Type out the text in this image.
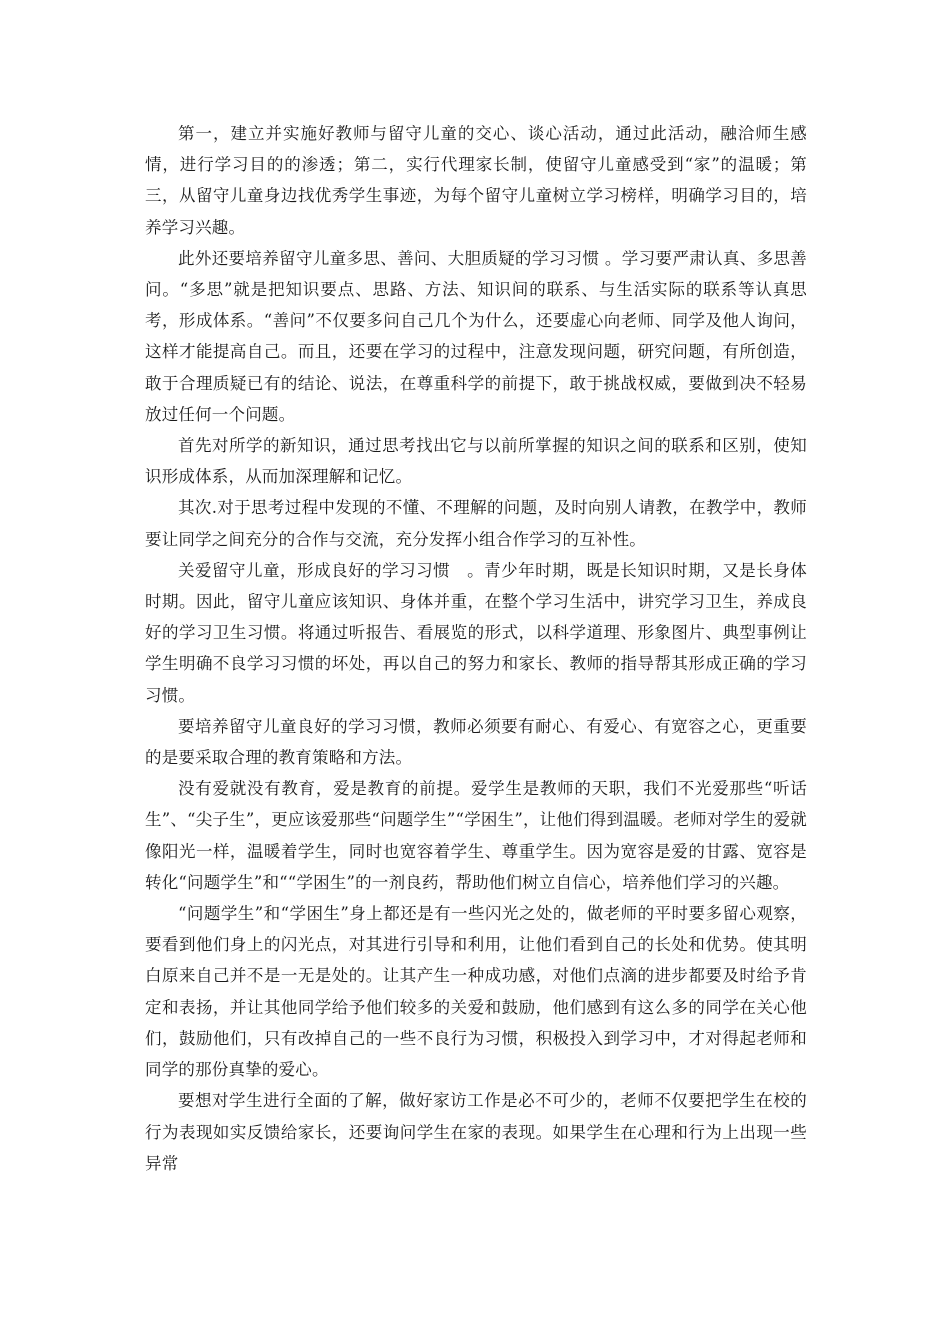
第一，建立并实施好教师与留守儿童的交心、谈心活动，通过此活动，融洽师生感情，进行学习目的的渗透；第二，实行代理家长制，使留守儿童感受到“家”的温暖；第三，从留守儿童身边找优秀学生事迹，为每个留守儿童树立学习榜样，明确学习目的，培养学习兴趣。

此外还要培养留守儿童多思、善问、大胆质疑的学习习惯 。学习要严肃认真、多思善问。“多思”就是把知识要点、思路、方法、知识间的联系、与生活实际的联系等认真思考，形成体系。“善问”不仅要多问自己几个为什么，还要虚心向老师、同学及他人询问，这样才能提高自己。而且，还要在学习的过程中，注意发现问题，研究问题，有所创造，敢于合理质疑已有的结论、说法，在尊重科学的前提下，敢于挑战权威，要做到决不轻易放过任何一个问题。

首先对所学的新知识，通过思考找出它与以前所掌握的知识之间的联系和区别，使知识形成体系，从而加深理解和记忆。

其次.对于思考过程中发现的不懂、不理解的问题，及时向别人请教，在教学中，教师要让同学之间充分的合作与交流，充分发挥小组合作学习的互补性。

关爱留守儿童，形成良好的学习习惯　。青少年时期，既是长知识时期，又是长身体时期。因此，留守儿童应该知识、身体并重，在整个学习生活中，讲究学习卫生，养成良好的学习卫生习惯。将通过听报告、看展览的形式，以科学道理、形象图片、典型事例让学生明确不良学习习惯的坏处，再以自己的努力和家长、教师的指导帮其形成正确的学习习惯。

要培养留守儿童良好的学习习惯，教师必须要有耐心、有爱心、有宽容之心，更重要的是要采取合理的教育策略和方法。

没有爱就没有教育，爱是教育的前提。爱学生是教师的天职，我们不光爱那些“听话生”、“尖子生”，更应该爱那些“问题学生”“学困生”，让他们得到温暖。老师对学生的爱就像阳光一样，温暖着学生，同时也宽容着学生、尊重学生。因为宽容是爱的甘露、宽容是转化“问题学生”和““学困生”的一剂良药，帮助他们树立自信心，培养他们学习的兴趣。

“问题学生”和“学困生”身上都还是有一些闪光之处的，做老师的平时要多留心观察，要看到他们身上的闪光点，对其进行引导和利用，让他们看到自己的长处和优势。使其明白原来自己并不是一无是处的。让其产生一种成功感，对他们点滴的进步都要及时给予肯定和表扬，并让其他同学给予他们较多的关爱和鼓励，他们感到有这么多的同学在关心他们，鼓励他们，只有改掉自己的一些不良行为习惯，积极投入到学习中，才对得起老师和同学的那份真挚的爱心。

要想对学生进行全面的了解，做好家访工作是必不可少的，老师不仅要把学生在校的行为表现如实反馈给家长，还要询问学生在家的表现。如果学生在心理和行为上出现一些异常
